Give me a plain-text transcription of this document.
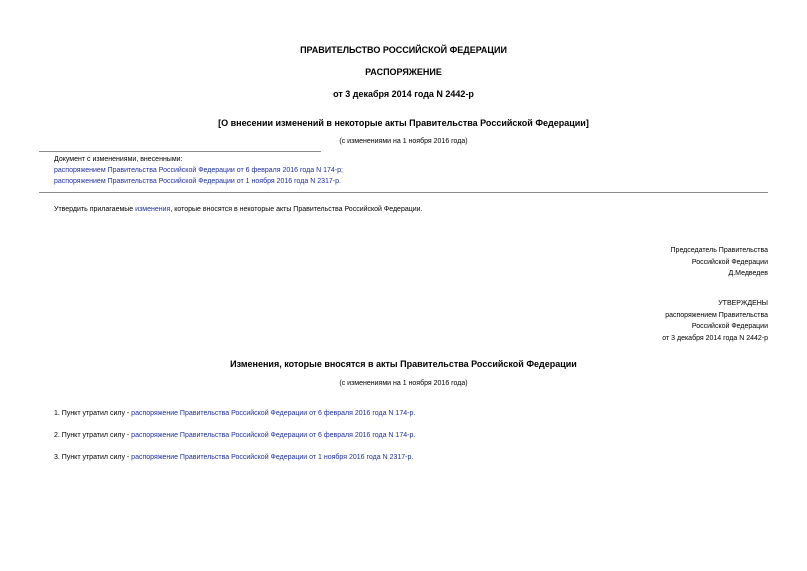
ПРАВИТЕЛЬСТВО РОССИЙСКОЙ ФЕДЕРАЦИИ
РАСПОРЯЖЕНИЕ
от 3 декабря 2014 года N 2442-р
[О внесении изменений в некоторые акты Правительства Российской Федерации]
(с изменениями на 1 ноября 2016 года)
Документ с изменениями, внесенными:
распоряжением Правительства Российской Федерации от 6 февраля 2016 года N 174-р;
распоряжением Правительства Российской Федерации от 1 ноября 2016 года N 2317-р.
Утвердить прилагаемые изменения, которые вносятся в некоторые акты Правительства Российской Федерации.
Председатель Правительства
Российской Федерации
Д.Медведев
УТВЕРЖДЕНЫ
распоряжением Правительства
Российской Федерации
от 3 декабря 2014 года N 2442-р
Изменения, которые вносятся в акты Правительства Российской Федерации
(с изменениями на 1 ноября 2016 года)
1. Пункт утратил силу - распоряжение Правительства Российской Федерации от 6 февраля 2016 года N 174-р.
2. Пункт утратил силу - распоряжение Правительства Российской Федерации от 6 февраля 2016 года N 174-р.
3. Пункт утратил силу - распоряжение Правительства Российской Федерации от 1 ноября 2016 года N 2317-р.
